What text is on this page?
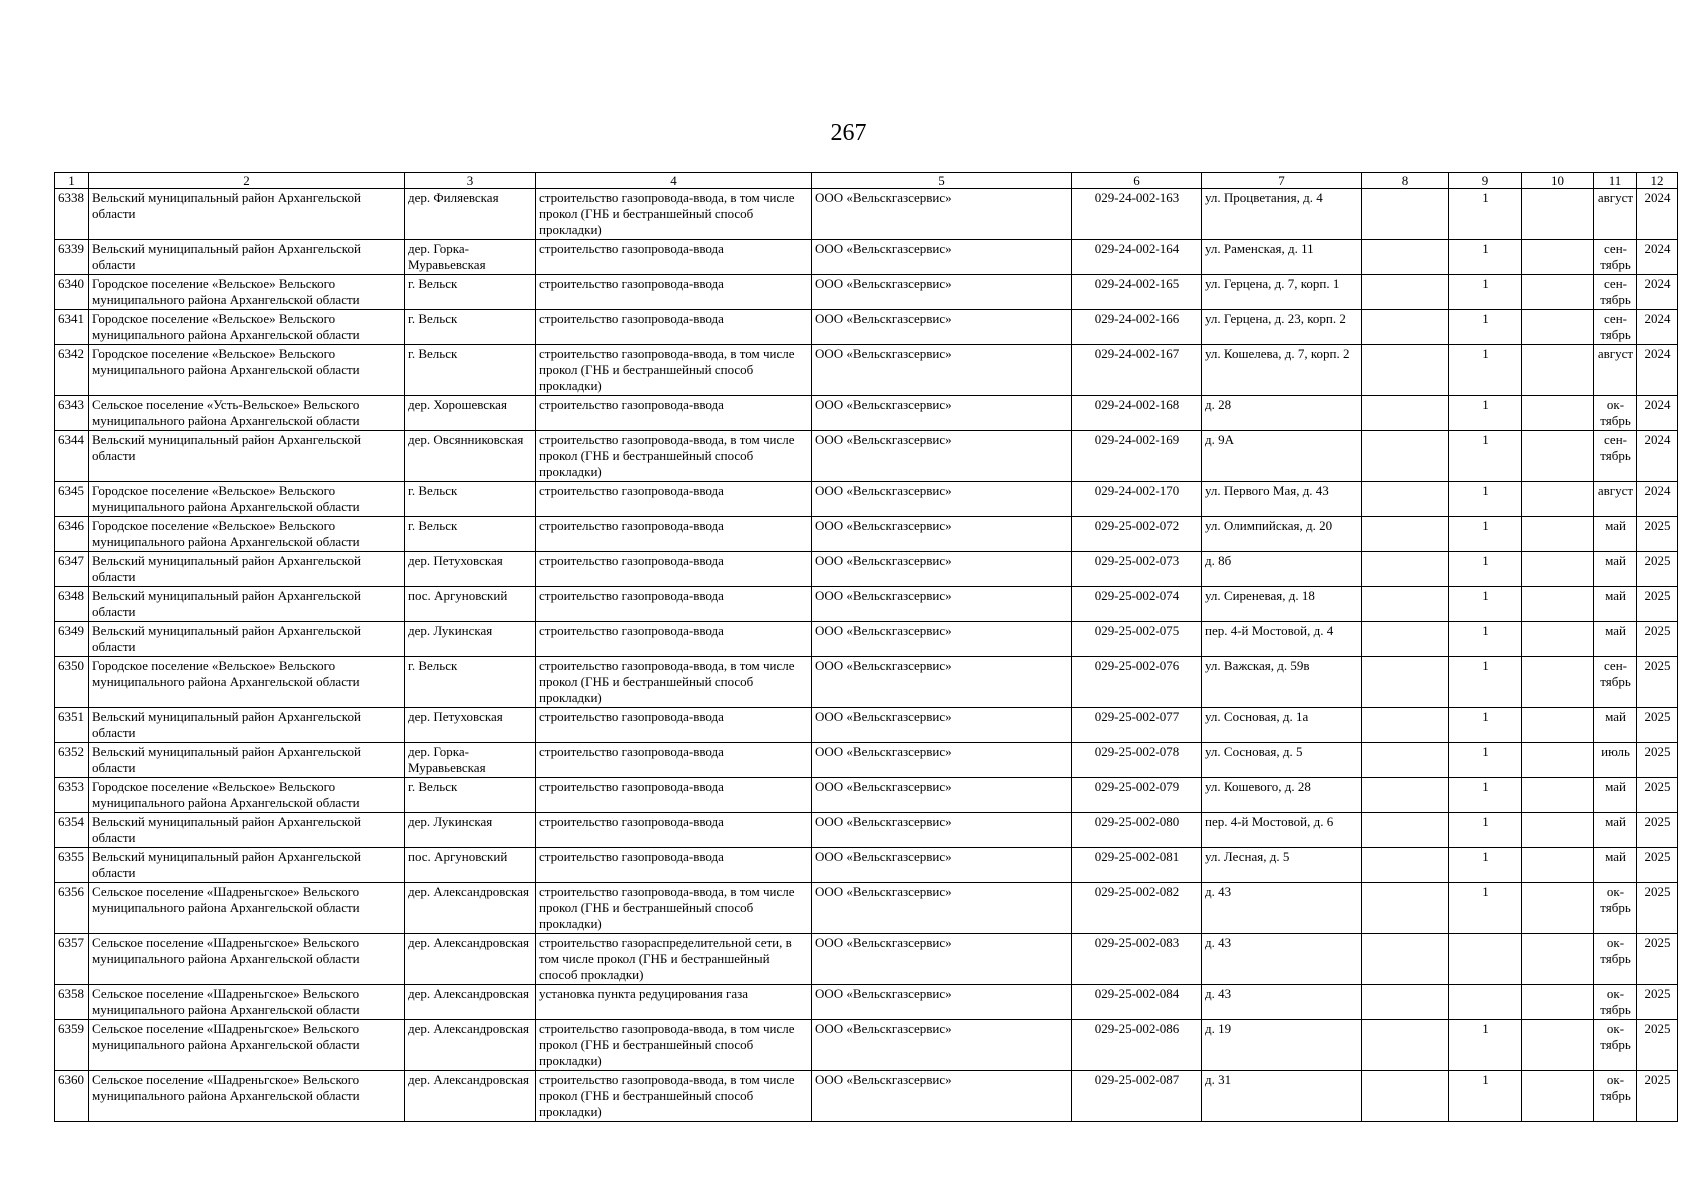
267
1	2	3	4	5	6	7	8	9	10	11	12
6338	Вельский муниципальный район Архангельской области	дер. Филяевская	строительство газопровода-ввода, в том числе прокол (ГНБ и бестраншейный способ прокладки)	ООО «Вельскгазсервис»	029-24-002-163	ул. Процветания, д. 4		1		август	2024
6339	Вельский муниципальный район Архангельской области	дер. Горка-Муравьевская	строительство газопровода-ввода	ООО «Вельскгазсервис»	029-24-002-164	ул. Раменская, д. 11		1		сен-тябрь	2024
6340	Городское поселение «Вельское» Вельского муниципального района Архангельской области	г. Вельск	строительство газопровода-ввода	ООО «Вельскгазсервис»	029-24-002-165	ул. Герцена, д. 7, корп. 1		1		сен-тябрь	2024
6341	Городское поселение «Вельское» Вельского муниципального района Архангельской области	г. Вельск	строительство газопровода-ввода	ООО «Вельскгазсервис»	029-24-002-166	ул. Герцена, д. 23, корп. 2		1		сен-тябрь	2024
6342	Городское поселение «Вельское» Вельского муниципального района Архангельской области	г. Вельск	строительство газопровода-ввода, в том числе прокол (ГНБ и бестраншейный способ прокладки)	ООО «Вельскгазсервис»	029-24-002-167	ул. Кошелева, д. 7, корп. 2		1		август	2024
6343	Сельское поселение «Усть-Вельское» Вельского муниципального района Архангельской области	дер. Хорошевская	строительство газопровода-ввода	ООО «Вельскгазсервис»	029-24-002-168	д. 28		1		ок-тябрь	2024
6344	Вельский муниципальный район Архангельской области	дер. Овсянниковская	строительство газопровода-ввода, в том числе прокол (ГНБ и бестраншейный способ прокладки)	ООО «Вельскгазсервис»	029-24-002-169	д. 9А		1		сен-тябрь	2024
6345	Городское поселение «Вельское» Вельского муниципального района Архангельской области	г. Вельск	строительство газопровода-ввода	ООО «Вельскгазсервис»	029-24-002-170	ул. Первого Мая, д. 43		1		август	2024
6346	Городское поселение «Вельское» Вельского муниципального района Архангельской области	г. Вельск	строительство газопровода-ввода	ООО «Вельскгазсервис»	029-25-002-072	ул. Олимпийская, д. 20		1		май	2025
6347	Вельский муниципальный район Архангельской области	дер. Петуховская	строительство газопровода-ввода	ООО «Вельскгазсервис»	029-25-002-073	д. 8б		1		май	2025
6348	Вельский муниципальный район Архангельской области	пос. Аргуновский	строительство газопровода-ввода	ООО «Вельскгазсервис»	029-25-002-074	ул. Сиреневая, д. 18		1		май	2025
6349	Вельский муниципальный район Архангельской области	дер. Лукинская	строительство газопровода-ввода	ООО «Вельскгазсервис»	029-25-002-075	пер. 4-й Мостовой, д. 4		1		май	2025
6350	Городское поселение «Вельское» Вельского муниципального района Архангельской области	г. Вельск	строительство газопровода-ввода, в том числе прокол (ГНБ и бестраншейный способ прокладки)	ООО «Вельскгазсервис»	029-25-002-076	ул. Важская, д. 59в		1		сен-тябрь	2025
6351	Вельский муниципальный район Архангельской области	дер. Петуховская	строительство газопровода-ввода	ООО «Вельскгазсервис»	029-25-002-077	ул. Сосновая, д. 1а		1		май	2025
6352	Вельский муниципальный район Архангельской области	дер. Горка-Муравьевская	строительство газопровода-ввода	ООО «Вельскгазсервис»	029-25-002-078	ул. Сосновая, д. 5		1		июль	2025
6353	Городское поселение «Вельское» Вельского муниципального района Архангельской области	г. Вельск	строительство газопровода-ввода	ООО «Вельскгазсервис»	029-25-002-079	ул. Кошевого, д. 28		1		май	2025
6354	Вельский муниципальный район Архангельской области	дер. Лукинская	строительство газопровода-ввода	ООО «Вельскгазсервис»	029-25-002-080	пер. 4-й Мостовой, д. 6		1		май	2025
6355	Вельский муниципальный район Архангельской области	пос. Аргуновский	строительство газопровода-ввода	ООО «Вельскгазсервис»	029-25-002-081	ул. Лесная, д. 5		1		май	2025
6356	Сельское поселение «Шадреньгское» Вельского муниципального района Архангельской области	дер. Александровская	строительство газопровода-ввода, в том числе прокол (ГНБ и бестраншейный способ прокладки)	ООО «Вельскгазсервис»	029-25-002-082	д. 43		1		ок-тябрь	2025
6357	Сельское поселение «Шадреньгское» Вельского муниципального района Архангельской области	дер. Александровская	строительство газораспределительной сети, в том числе прокол (ГНБ и бестраншейный способ прокладки)	ООО «Вельскгазсервис»	029-25-002-083	д. 43				ок-тябрь	2025
6358	Сельское поселение «Шадреньгское» Вельского муниципального района Архангельской области	дер. Александровская	установка пункта редуцирования газа	ООО «Вельскгазсервис»	029-25-002-084	д. 43				ок-тябрь	2025
6359	Сельское поселение «Шадреньгское» Вельского муниципального района Архангельской области	дер. Александровская	строительство газопровода-ввода, в том числе прокол (ГНБ и бестраншейный способ прокладки)	ООО «Вельскгазсервис»	029-25-002-086	д. 19		1		ок-тябрь	2025
6360	Сельское поселение «Шадреньгское» Вельского муниципального района Архангельской области	дер. Александровская	строительство газопровода-ввода, в том числе прокол (ГНБ и бестраншейный способ прокладки)	ООО «Вельскгазсервис»	029-25-002-087	д. 31		1		ок-тябрь	2025
